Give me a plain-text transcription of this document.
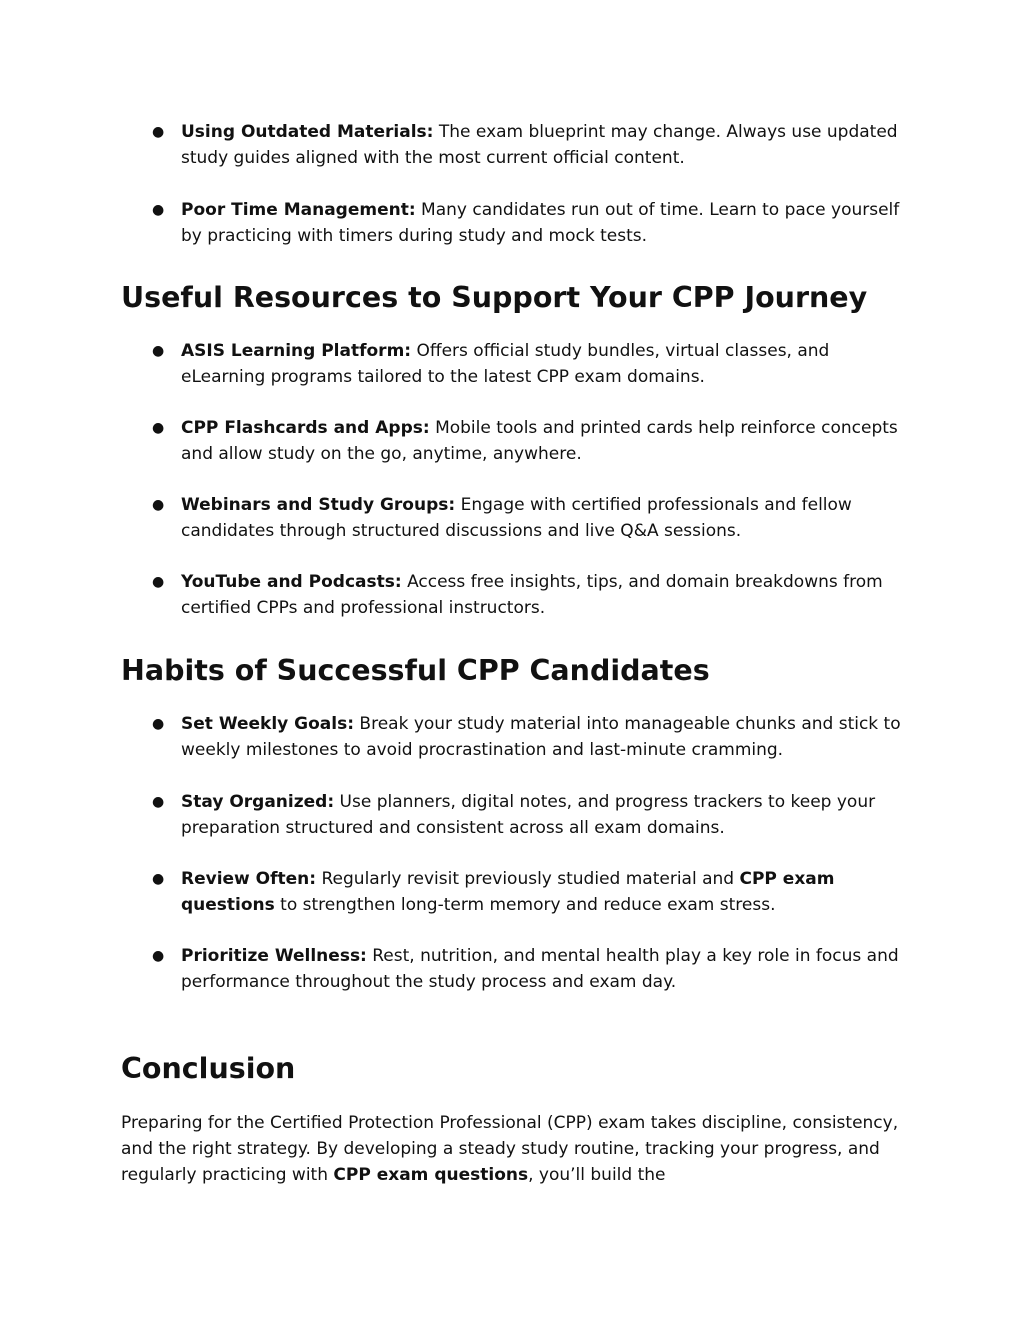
● Using Outdated Materials: The exam blueprint may change. Always use updated study guides aligned with the most current official content.
● Poor Time Management: Many candidates run out of time. Learn to pace yourself by practicing with timers during study and mock tests.
Useful Resources to Support Your CPP Journey
● ASIS Learning Platform: Offers official study bundles, virtual classes, and eLearning programs tailored to the latest CPP exam domains.
● CPP Flashcards and Apps: Mobile tools and printed cards help reinforce concepts and allow study on the go, anytime, anywhere.
● Webinars and Study Groups: Engage with certified professionals and fellow candidates through structured discussions and live Q&A sessions.
● YouTube and Podcasts: Access free insights, tips, and domain breakdowns from certified CPPs and professional instructors.
Habits of Successful CPP Candidates
● Set Weekly Goals: Break your study material into manageable chunks and stick to weekly milestones to avoid procrastination and last-minute cramming.
● Stay Organized: Use planners, digital notes, and progress trackers to keep your preparation structured and consistent across all exam domains.
● Review Often: Regularly revisit previously studied material and CPP exam questions to strengthen long-term memory and reduce exam stress.
● Prioritize Wellness: Rest, nutrition, and mental health play a key role in focus and performance throughout the study process and exam day.
Conclusion

Preparing for the Certified Protection Professional (CPP) exam takes discipline, consistency, and the right strategy. By developing a steady study routine, tracking your progress, and regularly practicing with CPP exam questions, you’ll build the
